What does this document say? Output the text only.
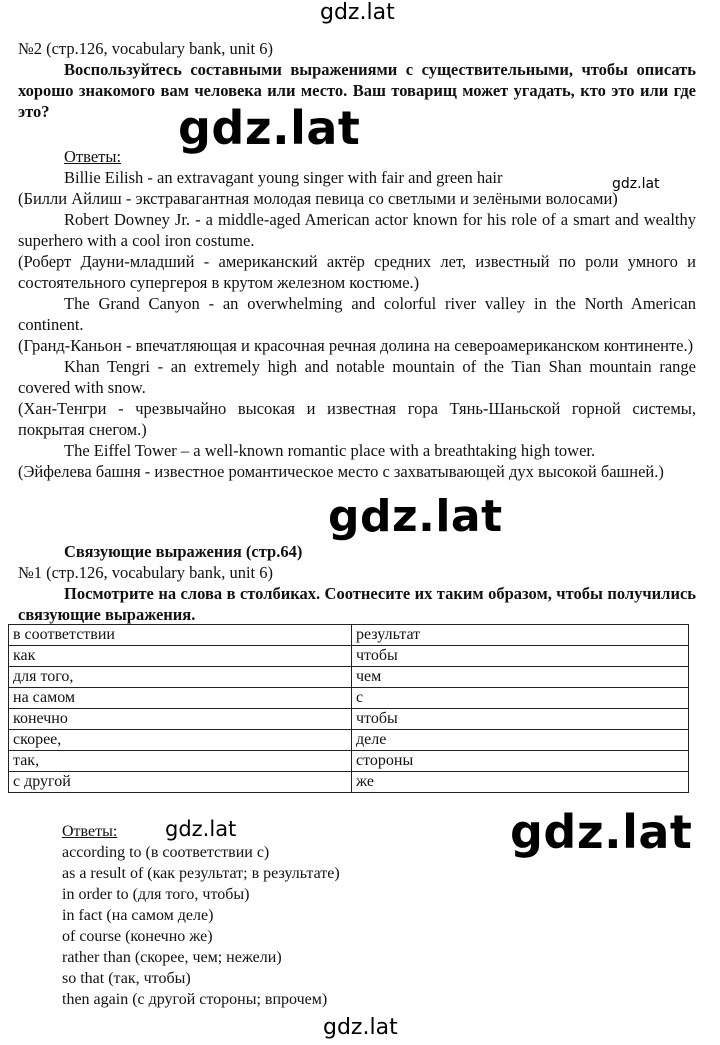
gdz.lat
gdz.lat
gdz.lat
gdz.lat
gdz.lat	gdz.lat
gdz.lat

№2 (стр.126, vocabulary bank, unit 6)

Воспользуйтесь составными выражениями с существительными, чтобы описать хорошо знакомого вам человека или место. Ваш товарищ может угадать, кто это или где это?

Ответы:

Billie Eilish - an extravagant young singer with fair and green hair

(Билли Айлиш - экстравагантная молодая певица со светлыми и зелёными волосами)

Robert Downey Jr. - a middle-aged American actor known for his role of a smart and wealthy superhero with a cool iron costume.

(Роберт Дауни-младший - американский актёр средних лет, известный по роли умного и состоятельного супергероя в крутом железном костюме.)

The Grand Canyon - an overwhelming and colorful river valley in the North American continent.

(Гранд-Каньон - впечатляющая и красочная речная долина на североамериканском континенте.)

Khan Tengri - an extremely high and notable mountain of the Tian Shan mountain range covered with snow.

(Хан-Тенгри - чрезвычайно высокая и известная гора Тянь-Шаньской горной системы, покрытая снегом.)

The Eiffel Tower – a well-known romantic place with a breathtaking high tower.

(Эйфелева башня - известное романтическое место с захватывающей дух высокой башней.)

Связующие выражения (стр.64)

№1 (стр.126, vocabulary bank, unit 6)

Посмотрите на слова в столбиках. Соотнесите их таким образом, чтобы получились связующие выражения.

в соответствии	результат
как	чтобы
для того,	чем
на самом	с
конечно	чтобы
скорее,	деле
так,	стороны
с другой	же
Ответы:
according to (в соответствии с)
as a result of (как результат; в результате)
in order to (для того, чтобы)
in fact (на самом деле)
of course (конечно же)
rather than (скорее, чем; нежели)
so that (так, чтобы)
then again (с другой стороны; впрочем)
